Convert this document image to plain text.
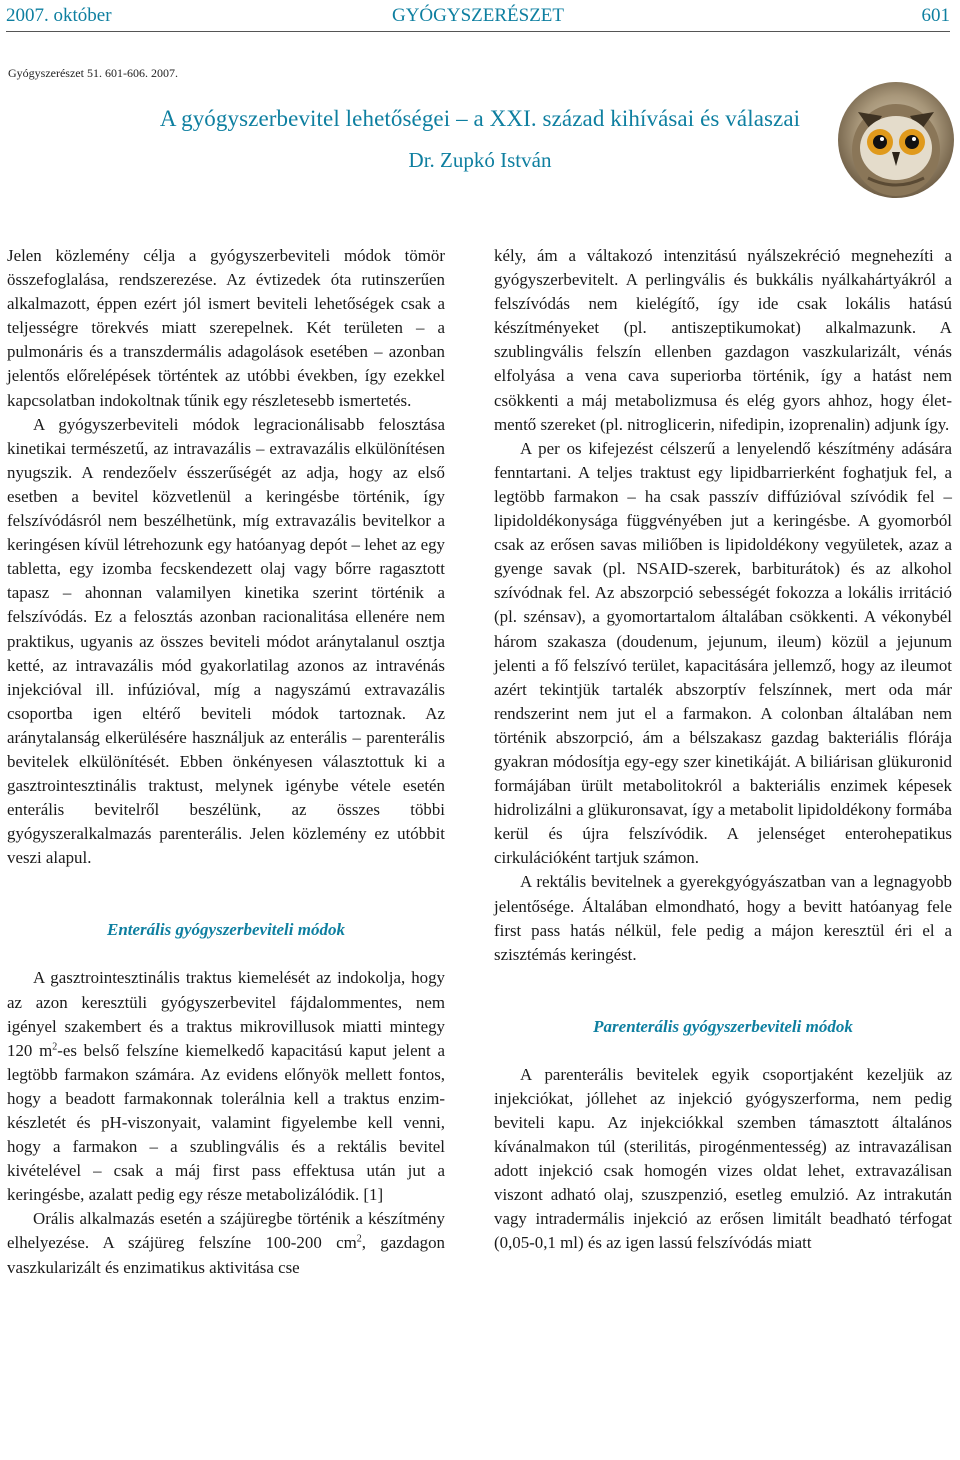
2007. október	GYÓGYSZERÉSZET	601
Gyógyszerészet 51. 601-606. 2007.
A gyógyszerbevitel lehetőségei – a XXI. század kihívásai és válaszai
Dr. Zupkó István

Jelen közlemény célja a gyógyszerbeviteli módok tömör összefoglalása, rendszerezése. Az évtizedek óta rutinszerűen alkalmazott, éppen ezért jól ismert beviteli lehetőségek csak a teljességre törekvés miatt szerepelnek. Két területen – a pulmonáris és a transzdermális adagolások esetében – azonban jelentős előrelépések történtek az utóbbi években, így ezekkel kapcsolatban indokoltnak tűnik egy részletesebb ismertetés.

A gyógyszerbeviteli módok legracionálisabb felosztása kinetikai természetű, az intravazális – extravazális elkülönítésen nyugszik. A rendezőelv ésszerűségét az adja, hogy az első esetben a bevitel közvetlenül a keringésbe történik, így felszívódásról nem beszélhetünk, míg extravazális bevitelkor a keringésen kívül létrehozunk egy hatóanyag depót – lehet az egy tabletta, egy izomba fecskendezett olaj vagy bőrre ragasztott tapasz – ahonnan valamilyen kinetika szerint történik a felszívódás. Ez a felosztás azonban racionalitása ellenére nem praktikus, ugyanis az összes beviteli módot aránytalanul osztja ketté, az intravazális mód gyakorlatilag azonos az intravénás injekcióval ill. infúzióval, míg a nagyszámú extravazális csoportba igen eltérő beviteli módok tartoznak. Az aránytalanság elkerülésére használjuk az enterális – parenterális bevitelek elkülönítését. Ebben önkényesen választottuk ki a gasztrointesztinális traktust, melynek igénybe vétele esetén enterális bevitelről beszélünk, az összes többi gyógyszeralkalmazás parenterális. Jelen közlemény ez utóbbit veszi alapul.

Enterális gyógyszerbeviteli módok

A gasztrointesztinális traktus kiemelését az indokolja, hogy az azon keresztüli gyógyszerbevitel fájdalommentes, nem igényel szakembert és a traktus mikrovillusok miatti mintegy 120 $m^2-es$ belső felszíne kiemelkedő kapacitású kaput jelent a legtöbb farmakon számára. Az evidens előnyök mellett fontos, hogy a beadott farmakonnak tolerálnia kell a traktus enzimkészletét és pH-viszonyait, valamint figyelembe kell venni, hogy a farmakon – a szublingvális és a rektális bevitel kivételével – csak a máj first pass effektusa után jut a keringésbe, azalatt pedig egy része metabolizálódik. [1]

Orális alkalmazás esetén a szájüregbe történik a készítmény elhelyezése. A szájüreg felszíne 100-200 $cm^2$, gazdagon vaszkularizált és enzimatikus aktivitása cse

kély, ám a váltakozó intenzitású nyálszekréció megnehezíti a gyógyszerbevitelt. A perlingvális és bukkális nyálkahártyákról a felszívódás nem kielégítő, így ide csak lokális hatású készítményeket (pl. antiszeptikumokat) alkalmazunk. A szublingvális felszín ellenben gazdagon vaszkularizált, vénás elfolyása a vena cava superiorba történik, így a hatást nem csökkenti a máj metabolizmusa és elég gyors ahhoz, hogy életmentő szereket (pl. nitroglicerin, nifedipin, izoprenalin) adjunk így.

A per os kifejezést célszerű a lenyelendő készítmény adására fenntartani. A teljes traktust egy lipidbarrierként foghatjuk fel, a legtöbb farmakon – ha csak passzív diffúzióval szívódik fel – lipidoldékonysága függvényében jut a keringésbe. A gyomorból csak az erősen savas miliőben is lipidoldékony vegyületek, azaz a gyenge savak (pl. NSAID-szerek, barbiturátok) és az alkohol szívódnak fel. Az abszorpció sebességét fokozza a lokális irritáció (pl. szénsav), a gyomortartalom általában csökkenti. A vékonybél három szakasza (doudenum, jejunum, ileum) közül a jejunum jelenti a fő felszívó terület, kapacitására jellemző, hogy az ileumot azért tekintjük tartalék abszorptív felszínnek, mert oda már rendszerint nem jut el a farmakon. A colonban általában nem történik abszorpció, ám a bélszakasz gazdag bakteriális flórája gyakran módosítja egy-egy szer kinetikáját. A biliárisan glükuronid formájában ürült metabolitokról a bakteriális enzimek képesek hidrolizálni a glükuronsavat, így a metabolit lipidoldékony formába kerül és újra felszívódik. A jelenséget enterohepatikus cirkulációként tartjuk számon.

A rektális bevitelnek a gyerekgyógyászatban van a legnagyobb jelentősége. Általában elmondható, hogy a bevitt hatóanyag fele first pass hatás nélkül, fele pedig a májon keresztül éri el a szisztémás keringést.

Parenterális gyógyszerbeviteli módok

A parenterális bevitelek egyik csoportjaként kezeljük az injekciókat, jóllehet az injekció gyógyszerforma, nem pedig beviteli kapu. Az injekciókkal szemben támasztott általános kívánalmakon túl (sterilitás, pirogénmentesség) az intravazálisan adott injekció csak homogén vizes oldat lehet, extravazálisan viszont adható olaj, szuszpenzió, esetleg emulzió. Az intrakután vagy intradermális injekció az erősen limitált beadható térfogat (0,05-0,1 ml) és az igen lassú felszívódás miatt
